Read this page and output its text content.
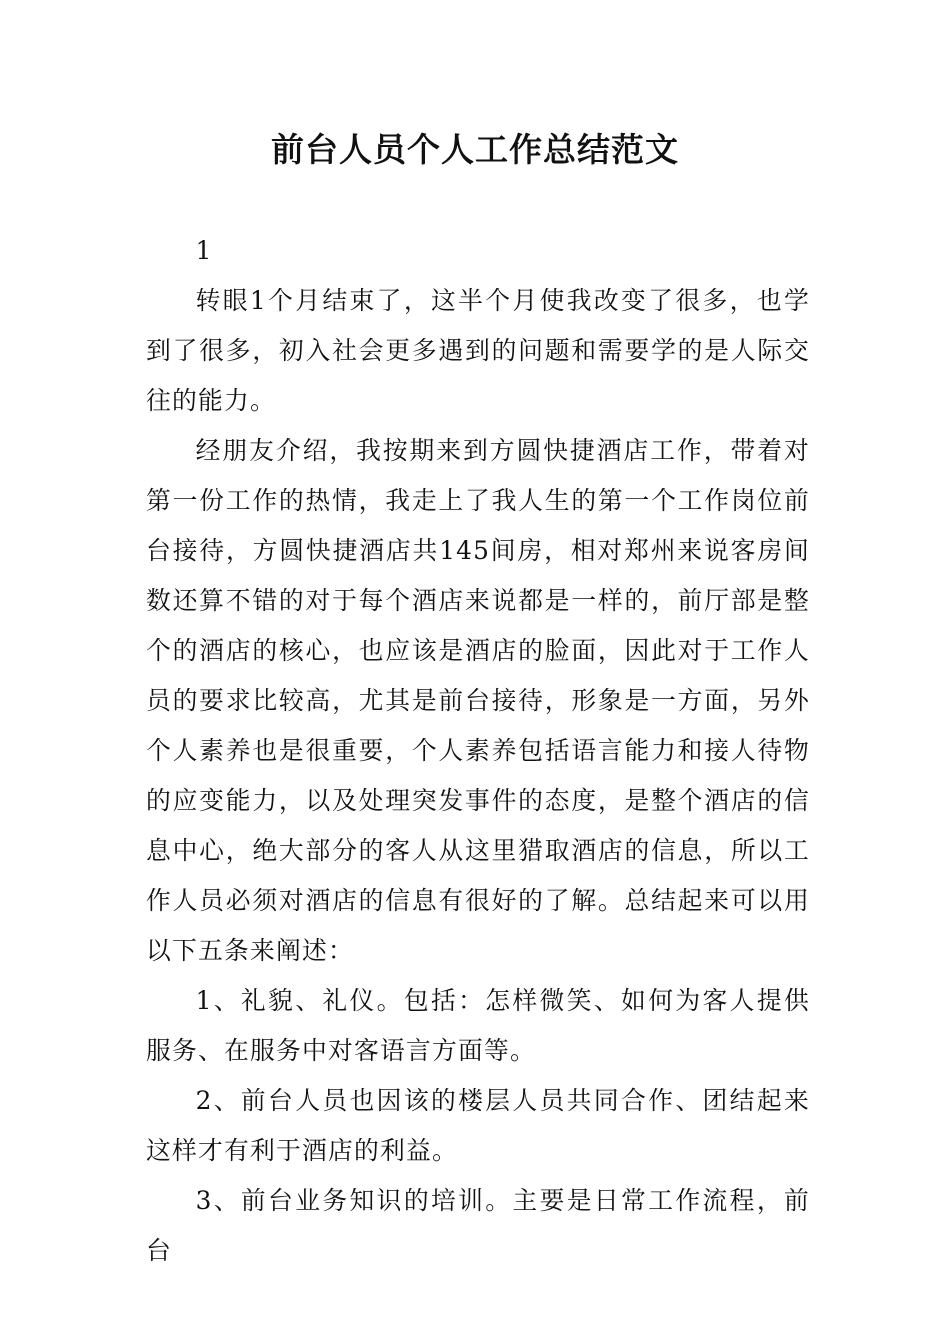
前台人员个人工作总结范文

1

转眼1个月结束了，这半个月使我改变了很多，也学到了很多，初入社会更多遇到的问题和需要学的是人际交往的能力。

经朋友介绍，我按期来到方圆快捷酒店工作，带着对第一份工作的热情，我走上了我人生的第一个工作岗位前台接待，方圆快捷酒店共145间房，相对郑州来说客房间数还算不错的对于每个酒店来说都是一样的，前厅部是整个的酒店的核心，也应该是酒店的脸面，因此对于工作人员的要求比较高，尤其是前台接待，形象是一方面，另外个人素养也是很重要，个人素养包括语言能力和接人待物的应变能力，以及处理突发事件的态度，是整个酒店的信息中心，绝大部分的客人从这里猎取酒店的信息，所以工作人员必须对酒店的信息有很好的了解。总结起来可以用以下五条来阐述：

1、礼貌、礼仪。包括：怎样微笑、如何为客人提供服务、在服务中对客语言方面等。

2、前台人员也因该的楼层人员共同合作、团结起来这样才有利于酒店的利益。

3、前台业务知识的培训。主要是日常工作流程，前台
